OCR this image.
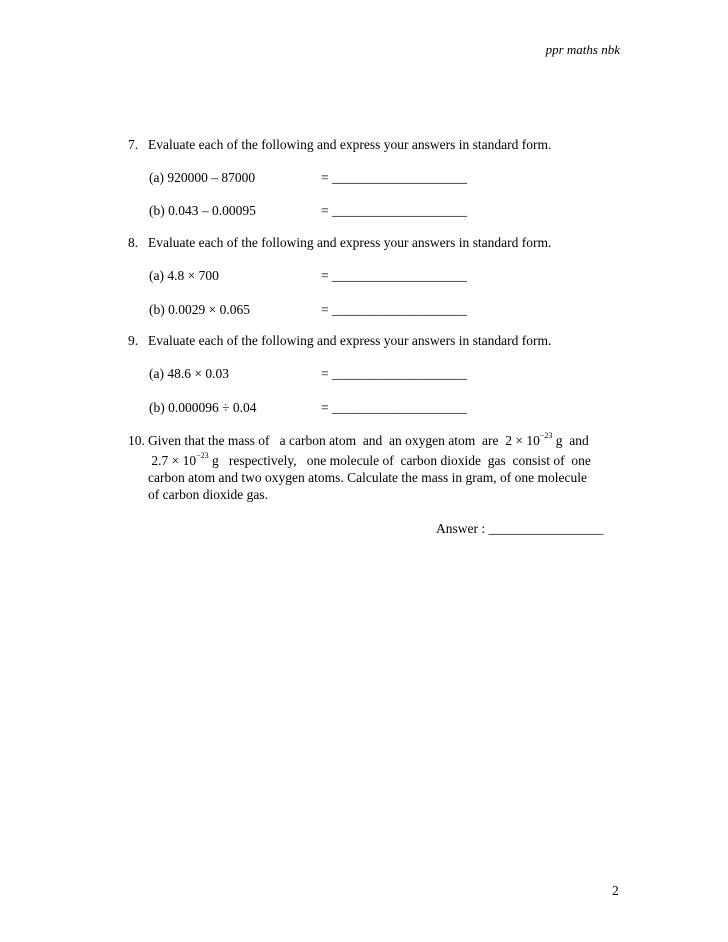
ppr maths nbk
7. Evaluate each of the following and express your answers in standard form.
(a) 920000 – 87000	= ____________________
(b) 0.043 – 0.00095	= ____________________
8. Evaluate each of the following and express your answers in standard form.
(a) 4.8 × 700	= ____________________
(b) 0.0029 × 0.065	= ____________________
9. Evaluate each of the following and express your answers in standard form.
(a) 48.6 × 0.03	= ____________________
(b) 0.000096 ÷ 0.04	= ____________________
10. Given that the mass of   a carbon atom  and  an oxygen atom  are  $2 \times 10^{-23}$ g  and
$2.7 \times 10^{-23}$ g   respectively,   one molecule of  carbon dioxide  gas  consist of  one
carbon atom and two oxygen atoms. Calculate the mass in gram, of one molecule
of carbon dioxide gas.
Answer : _________________
2
